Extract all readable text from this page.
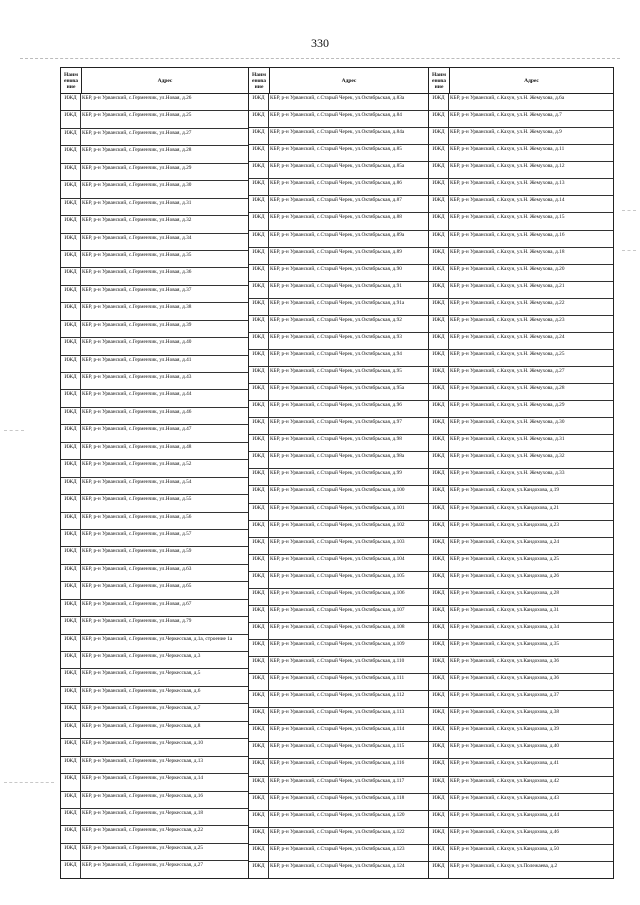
330
Наим енова ние
Адрес
ИЖД	КБР, р-н Урванский, с.Герменчик, ул.Новая, д.26
ИЖД	КБР, р-н Урванский, с.Герменчик, ул.Новая, д.25
ИЖД	КБР, р-н Урванский, с.Герменчик, ул.Новая, д.27
ИЖД	КБР, р-н Урванский, с.Герменчик, ул.Новая, д.28
ИЖД	КБР, р-н Урванский, с.Герменчик, ул.Новая, д.29
ИЖД	КБР, р-н Урванский, с.Герменчик, ул.Новая, д.30
ИЖД	КБР, р-н Урванский, с.Герменчик, ул.Новая, д.31
ИЖД	КБР, р-н Урванский, с.Герменчик, ул.Новая, д.32
ИЖД	КБР, р-н Урванский, с.Герменчик, ул.Новая, д.34
ИЖД	КБР, р-н Урванский, с.Герменчик, ул.Новая, д.35
ИЖД	КБР, р-н Урванский, с.Герменчик, ул.Новая, д.36
ИЖД	КБР, р-н Урванский, с.Герменчик, ул.Новая, д.37
ИЖД	КБР, р-н Урванский, с.Герменчик, ул.Новая, д.38
ИЖД	КБР, р-н Урванский, с.Герменчик, ул.Новая, д.39
ИЖД	КБР, р-н Урванский, с.Герменчик, ул.Новая, д.40
ИЖД	КБР, р-н Урванский, с.Герменчик, ул.Новая, д.41
ИЖД	КБР, р-н Урванский, с.Герменчик, ул.Новая, д.43
ИЖД	КБР, р-н Урванский, с.Герменчик, ул.Новая, д.44
ИЖД	КБР, р-н Урванский, с.Герменчик, ул.Новая, д.46
ИЖД	КБР, р-н Урванский, с.Герменчик, ул.Новая, д.47
ИЖД	КБР, р-н Урванский, с.Герменчик, ул.Новая, д.48
ИЖД	КБР, р-н Урванский, с.Герменчик, ул.Новая, д.52
ИЖД	КБР, р-н Урванский, с.Герменчик, ул.Новая, д.54
ИЖД	КБР, р-н Урванский, с.Герменчик, ул.Новая, д.55
ИЖД	КБР, р-н Урванский, с.Герменчик, ул.Новая, д.56
ИЖД	КБР, р-н Урванский, с.Герменчик, ул.Новая, д.57
ИЖД	КБР, р-н Урванский, с.Герменчик, ул.Новая, д.59
ИЖД	КБР, р-н Урванский, с.Герменчик, ул.Новая, д.63
ИЖД	КБР, р-н Урванский, с.Герменчик, ул.Новая, д.65
ИЖД	КБР, р-н Урванский, с.Герменчик, ул.Новая, д.67
ИЖД	КБР, р-н Урванский, с.Герменчик, ул.Новая, д.79
ИЖД	КБР, р-н Урванский, с.Герменчик, ул.Черкесская, д.1а, строение 1а
ИЖД	КБР, р-н Урванский, с.Герменчик, ул.Черкесская, д.3
ИЖД	КБР, р-н Урванский, с.Герменчик, ул.Черкесская, д.5
ИЖД	КБР, р-н Урванский, с.Герменчик, ул.Черкесская, д.6
ИЖД	КБР, р-н Урванский, с.Герменчик, ул.Черкесская, д.7
ИЖД	КБР, р-н Урванский, с.Герменчик, ул.Черкесская, д.8
ИЖД	КБР, р-н Урванский, с.Герменчик, ул.Черкесская, д.10
ИЖД	КБР, р-н Урванский, с.Герменчик, ул.Черкесская, д.13
ИЖД	КБР, р-н Урванский, с.Герменчик, ул.Черкесская, д.14
ИЖД	КБР, р-н Урванский, с.Герменчик, ул.Черкесская, д.16
ИЖД	КБР, р-н Урванский, с.Герменчик, ул.Черкесская, д.18
ИЖД	КБР, р-н Урванский, с.Герменчик, ул.Черкесская, д.22
ИЖД	КБР, р-н Урванский, с.Герменчик, ул.Черкесская, д.25
ИЖД	КБР, р-н Урванский, с.Герменчик, ул.Черкесская, д.27
Наим енова ние
Адрес
ИЖД	КБР, р-н Урванский, с.Старый Черек, ул.Октябрьская, д.83а
ИЖД	КБР, р-н Урванский, с.Старый Черек, ул.Октябрьская, д.84
ИЖД	КБР, р-н Урванский, с.Старый Черек, ул.Октябрьская, д.84а
ИЖД	КБР, р-н Урванский, с.Старый Черек, ул.Октябрьская, д.85
ИЖД	КБР, р-н Урванский, с.Старый Черек, ул.Октябрьская, д.85а
ИЖД	КБР, р-н Урванский, с.Старый Черек, ул.Октябрьская, д.86
ИЖД	КБР, р-н Урванский, с.Старый Черек, ул.Октябрьская, д.87
ИЖД	КБР, р-н Урванский, с.Старый Черек, ул.Октябрьская, д.88
ИЖД	КБР, р-н Урванский, с.Старый Черек, ул.Октябрьская, д.89а
ИЖД	КБР, р-н Урванский, с.Старый Черек, ул.Октябрьская, д.89
ИЖД	КБР, р-н Урванский, с.Старый Черек, ул.Октябрьская, д.90
ИЖД	КБР, р-н Урванский, с.Старый Черек, ул.Октябрьская, д.91
ИЖД	КБР, р-н Урванский, с.Старый Черек, ул.Октябрьская, д.91а
ИЖД	КБР, р-н Урванский, с.Старый Черек, ул.Октябрьская, д.92
ИЖД	КБР, р-н Урванский, с.Старый Черек, ул.Октябрьская, д.93
ИЖД	КБР, р-н Урванский, с.Старый Черек, ул.Октябрьская, д.94
ИЖД	КБР, р-н Урванский, с.Старый Черек, ул.Октябрьская, д.95
ИЖД	КБР, р-н Урванский, с.Старый Черек, ул.Октябрьская, д.95а
ИЖД	КБР, р-н Урванский, с.Старый Черек, ул.Октябрьская, д.96
ИЖД	КБР, р-н Урванский, с.Старый Черек, ул.Октябрьская, д.97
ИЖД	КБР, р-н Урванский, с.Старый Черек, ул.Октябрьская, д.98
ИЖД	КБР, р-н Урванский, с.Старый Черек, ул.Октябрьская, д.98а
ИЖД	КБР, р-н Урванский, с.Старый Черек, ул.Октябрьская, д.99
ИЖД	КБР, р-н Урванский, с.Старый Черек, ул.Октябрьская, д.100
ИЖД	КБР, р-н Урванский, с.Старый Черек, ул.Октябрьская, д.101
ИЖД	КБР, р-н Урванский, с.Старый Черек, ул.Октябрьская, д.102
ИЖД	КБР, р-н Урванский, с.Старый Черек, ул.Октябрьская, д.103
ИЖД	КБР, р-н Урванский, с.Старый Черек, ул.Октябрьская, д.104
ИЖД	КБР, р-н Урванский, с.Старый Черек, ул.Октябрьская, д.105
ИЖД	КБР, р-н Урванский, с.Старый Черек, ул.Октябрьская, д.106
ИЖД	КБР, р-н Урванский, с.Старый Черек, ул.Октябрьская, д.107
ИЖД	КБР, р-н Урванский, с.Старый Черек, ул.Октябрьская, д.108
ИЖД	КБР, р-н Урванский, с.Старый Черек, ул.Октябрьская, д.109
ИЖД	КБР, р-н Урванский, с.Старый Черек, ул.Октябрьская, д.110
ИЖД	КБР, р-н Урванский, с.Старый Черек, ул.Октябрьская, д.111
ИЖД	КБР, р-н Урванский, с.Старый Черек, ул.Октябрьская, д.112
ИЖД	КБР, р-н Урванский, с.Старый Черек, ул.Октябрьская, д.113
ИЖД	КБР, р-н Урванский, с.Старый Черек, ул.Октябрьская, д.114
ИЖД	КБР, р-н Урванский, с.Старый Черек, ул.Октябрьская, д.115
ИЖД	КБР, р-н Урванский, с.Старый Черек, ул.Октябрьская, д.116
ИЖД	КБР, р-н Урванский, с.Старый Черек, ул.Октябрьская, д.117
ИЖД	КБР, р-н Урванский, с.Старый Черек, ул.Октябрьская, д.118
ИЖД	КБР, р-н Урванский, с.Старый Черек, ул.Октябрьская, д.120
ИЖД	КБР, р-н Урванский, с.Старый Черек, ул.Октябрьская, д.122
ИЖД	КБР, р-н Урванский, с.Старый Черек, ул.Октябрьская, д.123
ИЖД	КБР, р-н Урванский, с.Старый Черек, ул.Октябрьская, д.124
Наим енова ние
Адрес
ИЖД	КБР, р-н Урванский, с.Кахун, ул.Н. Жемухова, д.6а
ИЖД	КБР, р-н Урванский, с.Кахун, ул.Н. Жемухова, д.7
ИЖД	КБР, р-н Урванский, с.Кахун, ул.Н. Жемухова, д.9
ИЖД	КБР, р-н Урванский, с.Кахун, ул.Н. Жемухова, д.11
ИЖД	КБР, р-н Урванский, с.Кахун, ул.Н. Жемухова, д.12
ИЖД	КБР, р-н Урванский, с.Кахун, ул.Н. Жемухова, д.13
ИЖД	КБР, р-н Урванский, с.Кахун, ул.Н. Жемухова, д.14
ИЖД	КБР, р-н Урванский, с.Кахун, ул.Н. Жемухова, д.15
ИЖД	КБР, р-н Урванский, с.Кахун, ул.Н. Жемухова, д.16
ИЖД	КБР, р-н Урванский, с.Кахун, ул.Н. Жемухова, д.18
ИЖД	КБР, р-н Урванский, с.Кахун, ул.Н. Жемухова, д.20
ИЖД	КБР, р-н Урванский, с.Кахун, ул.Н. Жемухова, д.21
ИЖД	КБР, р-н Урванский, с.Кахун, ул.Н. Жемухова, д.22
ИЖД	КБР, р-н Урванский, с.Кахун, ул.Н. Жемухова, д.23
ИЖД	КБР, р-н Урванский, с.Кахун, ул.Н. Жемухова, д.24
ИЖД	КБР, р-н Урванский, с.Кахун, ул.Н. Жемухова, д.25
ИЖД	КБР, р-н Урванский, с.Кахун, ул.Н. Жемухова, д.27
ИЖД	КБР, р-н Урванский, с.Кахун, ул.Н. Жемухова, д.28
ИЖД	КБР, р-н Урванский, с.Кахун, ул.Н. Жемухова, д.29
ИЖД	КБР, р-н Урванский, с.Кахун, ул.Н. Жемухова, д.30
ИЖД	КБР, р-н Урванский, с.Кахун, ул.Н. Жемухова, д.31
ИЖД	КБР, р-н Урванский, с.Кахун, ул.Н. Жемухова, д.32
ИЖД	КБР, р-н Урванский, с.Кахун, ул.Н. Жемухова, д.33
ИЖД	КБР, р-н Урванский, с.Кахун, ул.Кандохова, д.19
ИЖД	КБР, р-н Урванский, с.Кахун, ул.Кандохова, д.21
ИЖД	КБР, р-н Урванский, с.Кахун, ул.Кандохова, д.23
ИЖД	КБР, р-н Урванский, с.Кахун, ул.Кандохова, д.24
ИЖД	КБР, р-н Урванский, с.Кахун, ул.Кандохова, д.25
ИЖД	КБР, р-н Урванский, с.Кахун, ул.Кандохова, д.26
ИЖД	КБР, р-н Урванский, с.Кахун, ул.Кандохова, д.28
ИЖД	КБР, р-н Урванский, с.Кахун, ул.Кандохова, д.31
ИЖД	КБР, р-н Урванский, с.Кахун, ул.Кандохова, д.34
ИЖД	КБР, р-н Урванский, с.Кахун, ул.Кандохова, д.35
ИЖД	КБР, р-н Урванский, с.Кахун, ул.Кандохова, д.36
ИЖД	КБР, р-н Урванский, с.Кахун, ул.Кандохова, д.36
ИЖД	КБР, р-н Урванский, с.Кахун, ул.Кандохова, д.37
ИЖД	КБР, р-н Урванский, с.Кахун, ул.Кандохова, д.38
ИЖД	КБР, р-н Урванский, с.Кахун, ул.Кандохова, д.39
ИЖД	КБР, р-н Урванский, с.Кахун, ул.Кандохова, д.40
ИЖД	КБР, р-н Урванский, с.Кахун, ул.Кандохова, д.41
ИЖД	КБР, р-н Урванский, с.Кахун, ул.Кандохова, д.42
ИЖД	КБР, р-н Урванский, с.Кахун, ул.Кандохова, д.43
ИЖД	КБР, р-н Урванский, с.Кахун, ул.Кандохова, д.44
ИЖД	КБР, р-н Урванский, с.Кахун, ул.Кандохова, д.46
ИЖД	КБР, р-н Урванский, с.Кахун, ул.Кандохова, д.50
ИЖД	КБР, р-н Урванский, с.Кахун, ул.Полежаева, д.2
